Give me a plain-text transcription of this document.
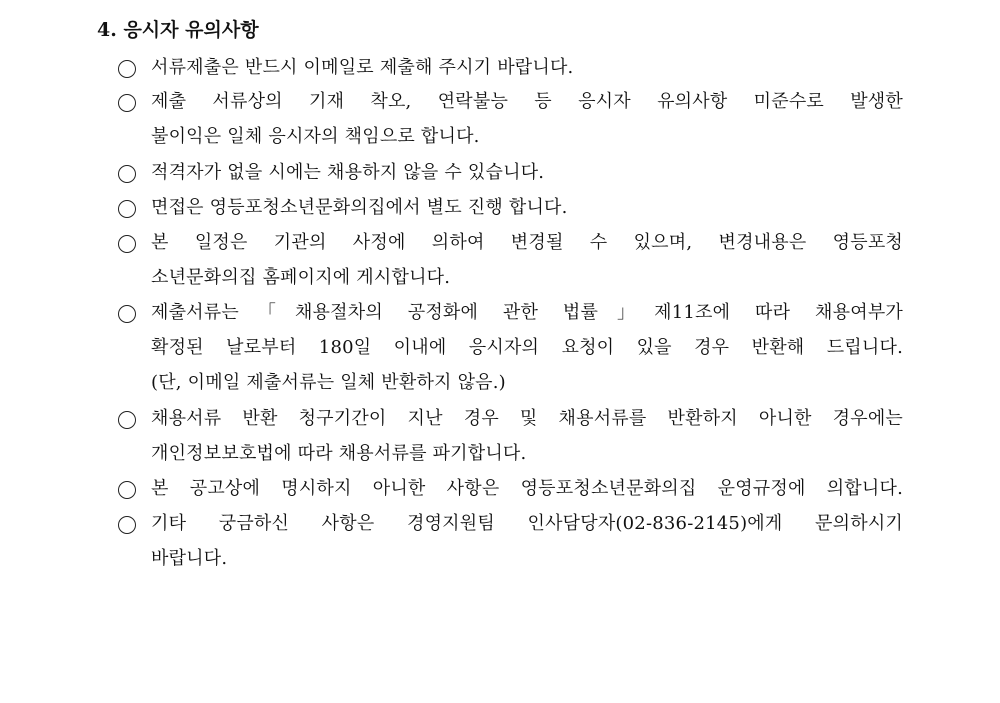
4. 응시자 유의사항
서류제출은 반드시 이메일로 제출해 주시기 바랍니다.
제출 서류상의 기재 착오, 연락불능 등 응시자 유의사항 미준수로 발생한
불이익은 일체 응시자의 책임으로 합니다.
적격자가 없을 시에는 채용하지 않을 수 있습니다.
면접은 영등포청소년문화의집에서 별도 진행 합니다.
본 일정은 기관의 사정에 의하여 변경될 수 있으며, 변경내용은 영등포청
소년문화의집 홈페이지에 게시합니다.
제출서류는「채용절차의 공정화에 관한 법률」제11조에 따라 채용여부가
확정된 날로부터 180일 이내에 응시자의 요청이 있을 경우 반환해 드립니다.
(단, 이메일 제출서류는 일체 반환하지 않음.)
채용서류 반환 청구기간이 지난 경우 및 채용서류를 반환하지 아니한 경우에는
개인정보보호법에 따라 채용서류를 파기합니다.
본 공고상에 명시하지 아니한 사항은 영등포청소년문화의집 운영규정에 의합니다.
기타 궁금하신 사항은 경영지원팀 인사담당자(02-836-2145)에게 문의하시기
바랍니다.
